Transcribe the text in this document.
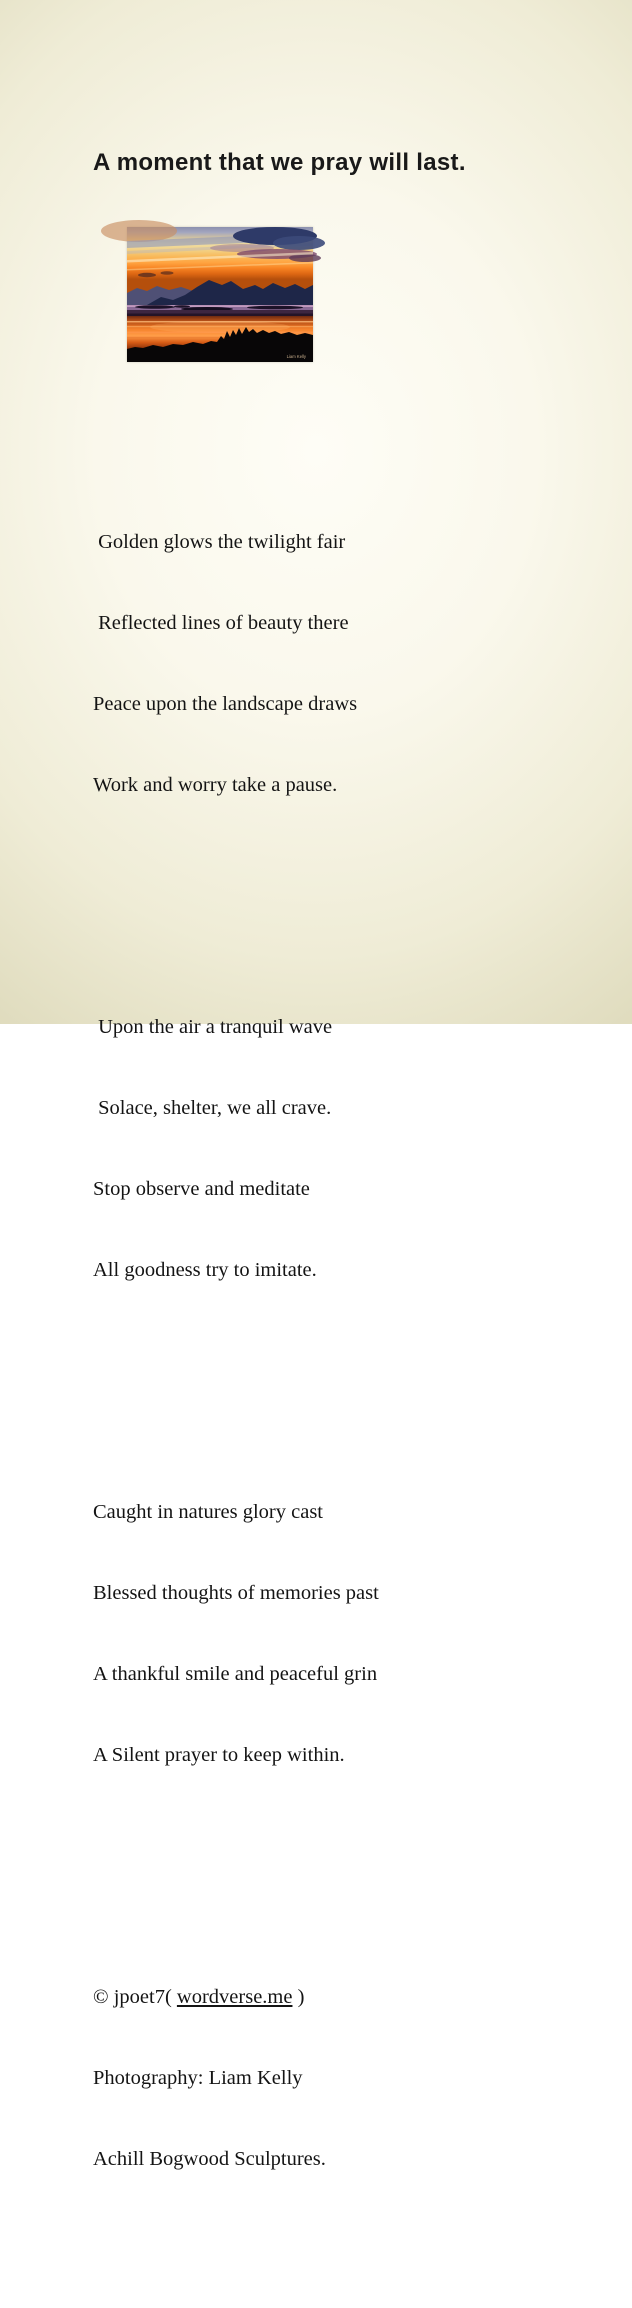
A moment that we pray will last.
Liam Kelly

Golden glows the twilight fair

Reflected lines of beauty there

Peace upon the landscape draws

Work and worry take a pause.

Upon the air a tranquil wave

Solace, shelter, we all crave.

Stop observe and meditate

All goodness try to imitate.

Caught in natures glory cast

Blessed thoughts of memories past

A thankful smile and peaceful grin

A Silent prayer to keep within.

© jpoet7( wordverse.me )

Photography: Liam Kelly

Achill Bogwood Sculptures.
